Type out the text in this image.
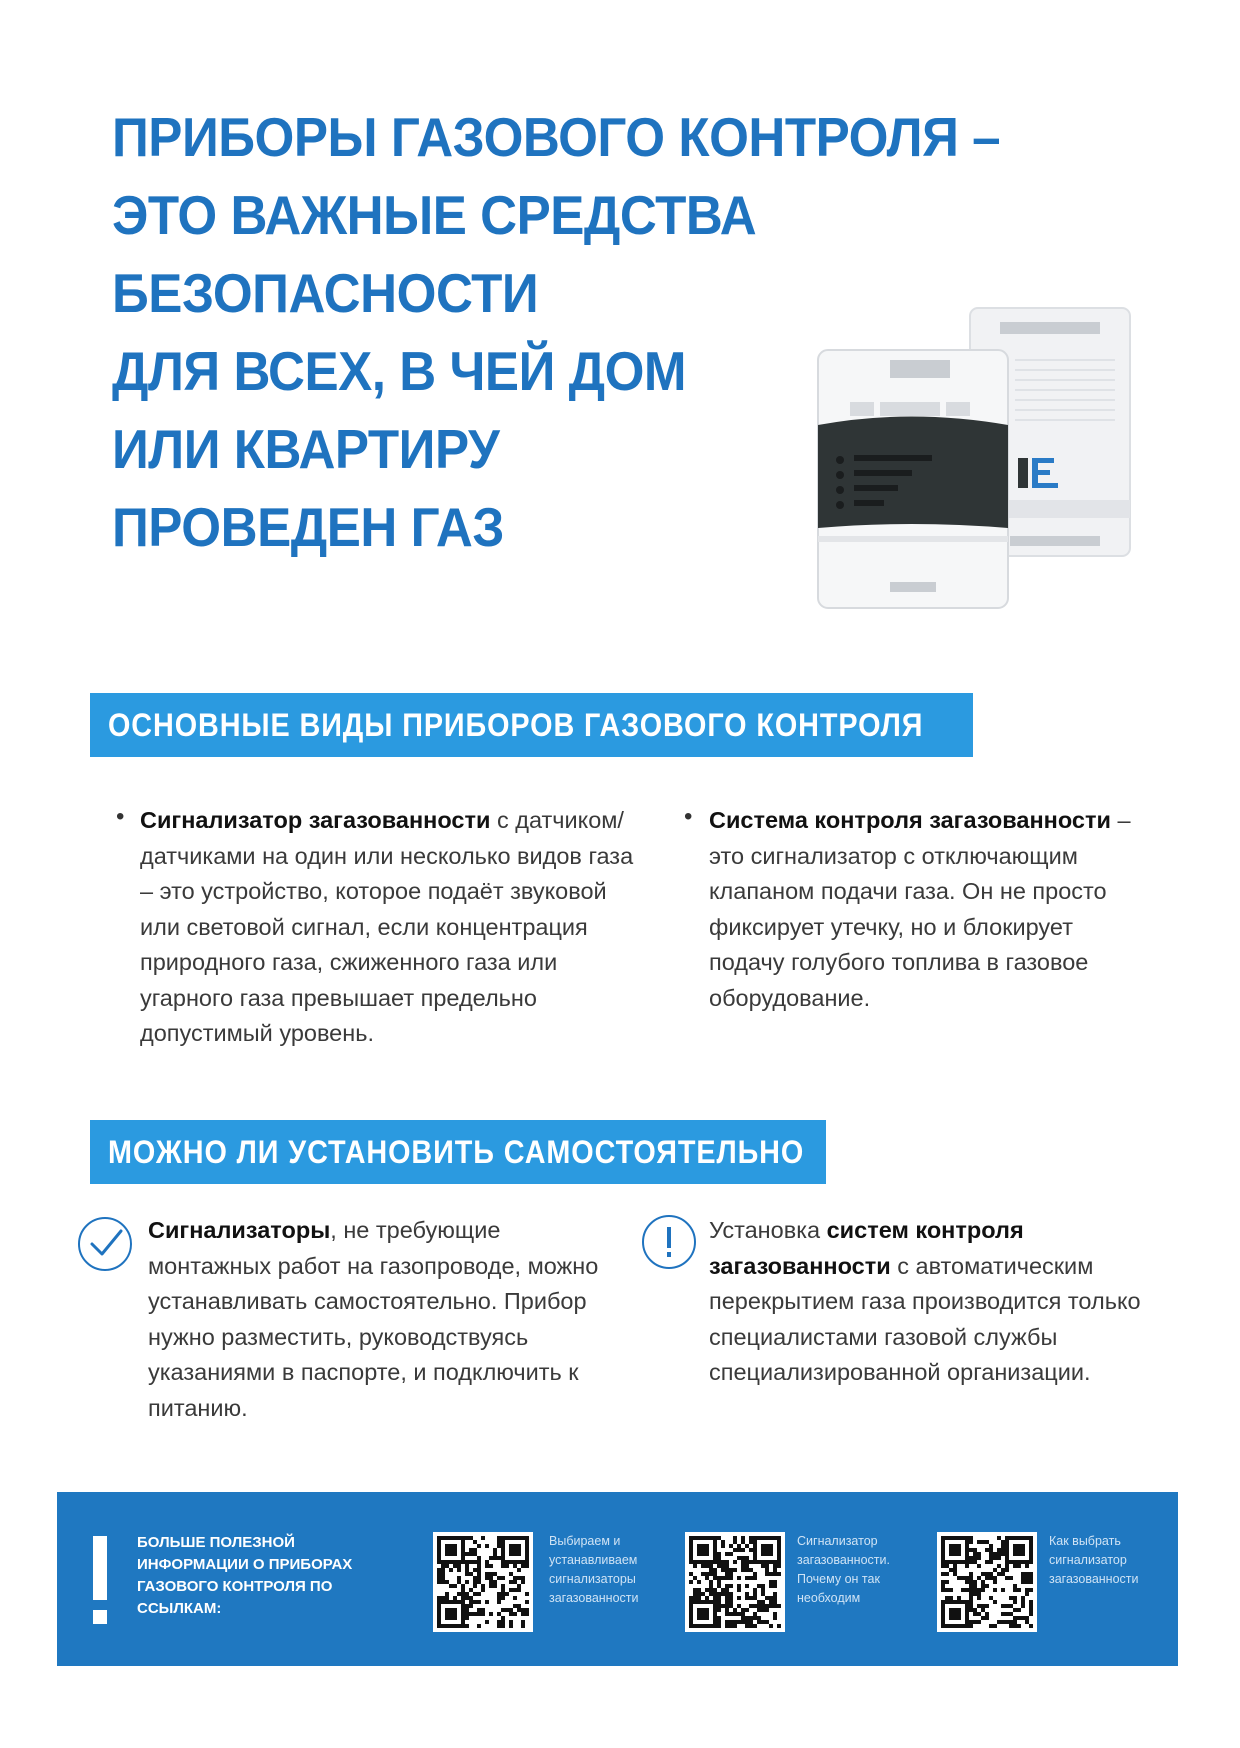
ПРИБОРЫ ГАЗОВОГО КОНТРОЛЯ –
ЭТО ВАЖНЫЕ СРЕДСТВА
БЕЗОПАСНОСТИ
ДЛЯ ВСЕХ, В ЧЕЙ ДОМ
ИЛИ КВАРТИРУ
ПРОВЕДЕН ГАЗ
ОСНОВНЫЕ ВИДЫ ПРИБОРОВ ГАЗОВОГО КОНТРОЛЯ
• Сигнализатор загазованности с датчиком/ датчиками на один или несколько видов газа – это устройство, которое подаёт звуковой или световой сигнал, если концентрация природного газа, сжиженного газа или угарного газа превышает предельно допустимый уровень.
• Система контроля загазованности – это сигнализатор с отключающим клапаном подачи газа. Он не просто фиксирует утечку, но и блокирует подачу голубого топлива в газовое оборудование.
МОЖНО ЛИ УСТАНОВИТЬ САМОСТОЯТЕЛЬНО
Сигнализаторы, не требующие монтажных работ на газопроводе, можно устанавливать самостоятельно. Прибор нужно разместить, руководствуясь указаниями в паспорте, и подключить к питанию.
Установка систем контроля загазованности с автоматическим перекрытием газа производится только специалистами газовой службы специализированной организации.
БОЛЬШЕ ПОЛЕЗНОЙ ИНФОРМАЦИИ О ПРИБОРАХ ГАЗОВОГО КОНТРОЛЯ ПО ССЫЛКАМ:
Выбираем и устанавливаем сигнализаторы загазованности
Сигнализатор загазованности. Почему он так необходим
Как выбрать сигнализатор загазованности
